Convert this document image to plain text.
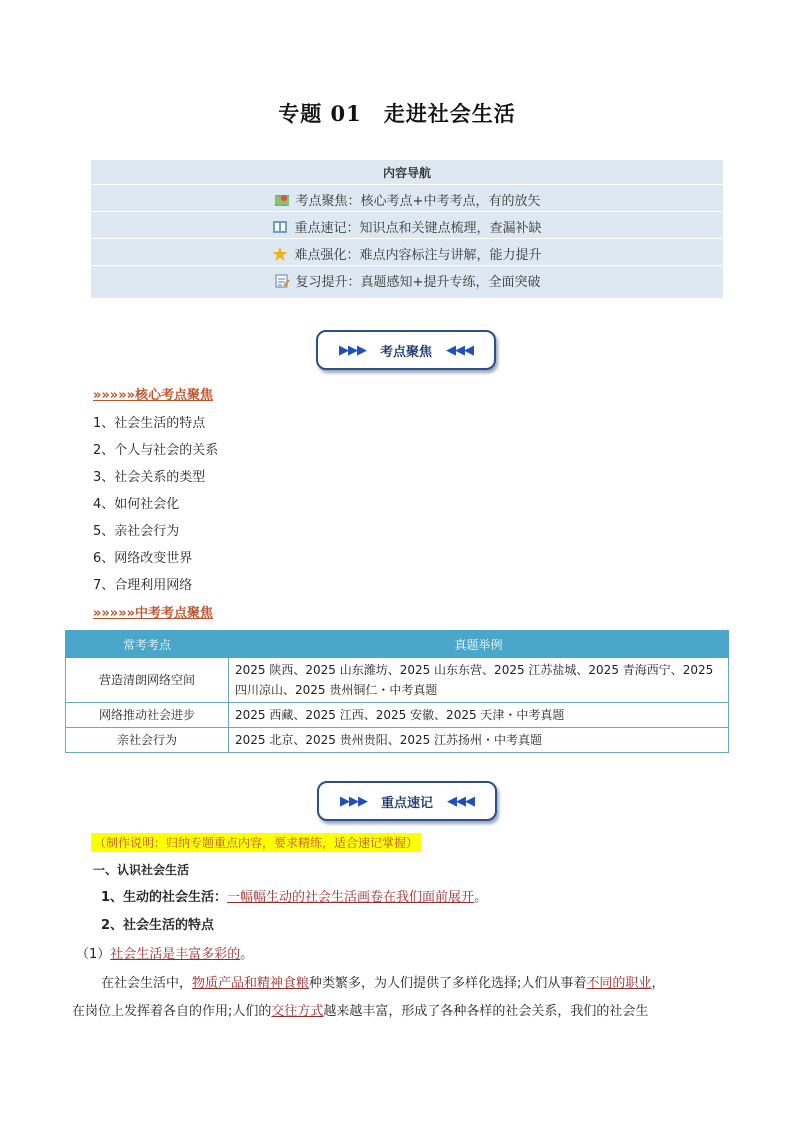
专题 01 走进社会生活
内容导航
考点聚焦：核心考点+中考考点，有的放矢
重点速记：知识点和关键点梳理，查漏补缺
难点强化：难点内容标注与讲解，能力提升
复习提升：真题感知+提升专练，全面突破
▶▶▶ 考点聚焦 ◀◀◀
»»»»»核心考点聚焦
1、社会生活的特点
2、个人与社会的关系
3、社会关系的类型
4、如何社会化
5、亲社会行为
6、网络改变世界
7、合理利用网络
»»»»»中考考点聚焦
常考考点	真题举例
营造清朗网络空间	2025 陕西、2025 山东潍坊、2025 山东东营、2025 江苏盐城、2025 青海西宁、2025 四川凉山、2025 贵州铜仁・中考真题
网络推动社会进步	2025 西藏、2025 江西、2025 安徽、2025 天津・中考真题
亲社会行为	2025 北京、2025 贵州贵阳、2025 江苏扬州・中考真题
▶▶▶ 重点速记 ◀◀◀
（制作说明：归纳专题重点内容，要求精练，适合速记掌握）
一、认识社会生活
1、生动的社会生活：一幅幅生动的社会生活画卷在我们面前展开。
2、社会生活的特点
（1）社会生活是丰富多彩的。
在社会生活中，物质产品和精神食粮种类繁多，为人们提供了多样化选择;人们从事着不同的职业，
在岗位上发挥着各自的作用;人们的交往方式越来越丰富，形成了各种各样的社会关系，我们的社会生
